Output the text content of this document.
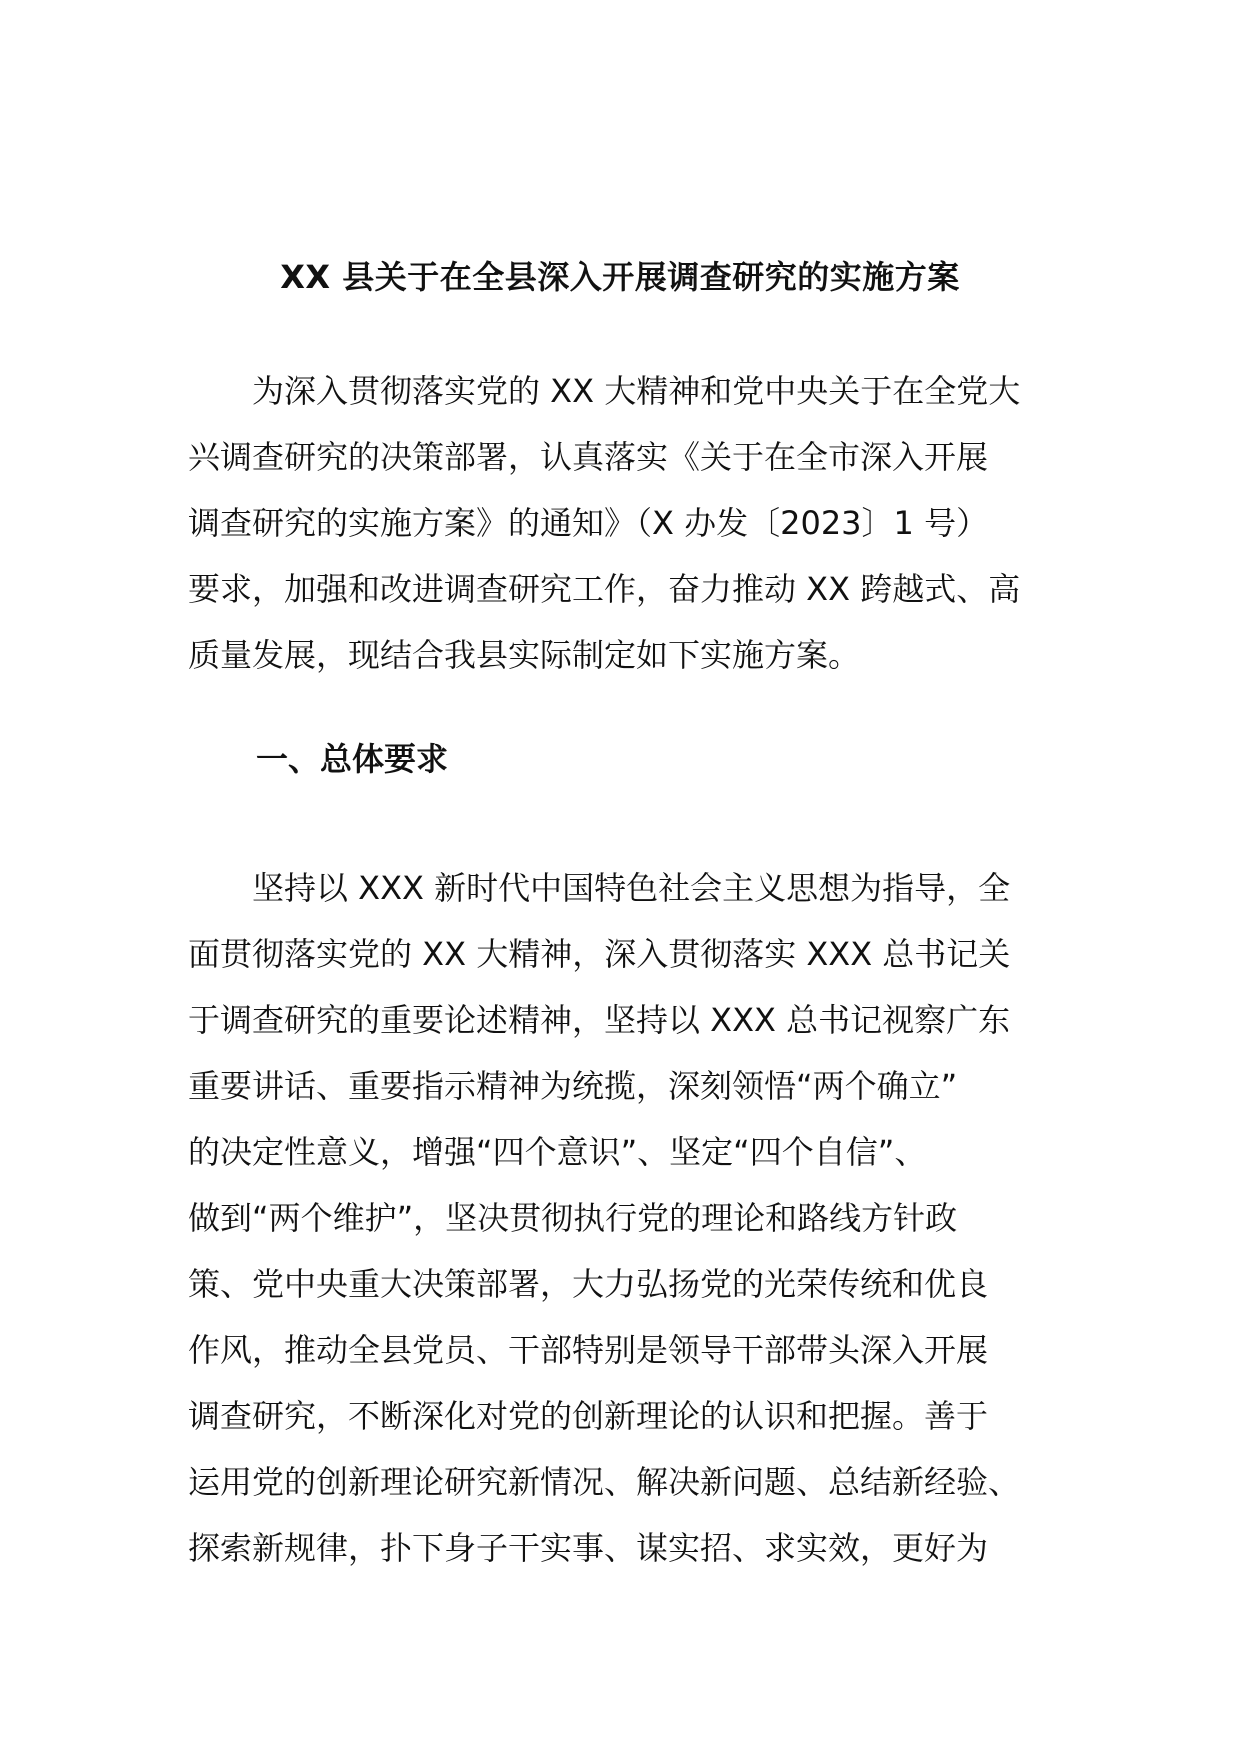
XX 县关于在全县深入开展调查研究的实施方案
　　为深入贯彻落实党的 XX 大精神和党中央关于在全党大
兴调查研究的决策部署，认真落实《关于在全市深入开展
调查研究的实施方案》的通知》（X 办发〔2023〕1 号）
要求，加强和改进调查研究工作，奋力推动 XX 跨越式、高
质量发展，现结合我县实际制定如下实施方案。
一、总体要求
　　坚持以 XXX 新时代中国特色社会主义思想为指导，全
面贯彻落实党的 XX 大精神，深入贯彻落实 XXX 总书记关
于调查研究的重要论述精神，坚持以 XXX 总书记视察广东
重要讲话、重要指示精神为统揽，深刻领悟“两个确立”
的决定性意义，增强“四个意识”、坚定“四个自信”、
做到“两个维护”，坚决贯彻执行党的理论和路线方针政
策、党中央重大决策部署，大力弘扬党的光荣传统和优良
作风，推动全县党员、干部特别是领导干部带头深入开展
调查研究，不断深化对党的创新理论的认识和把握。善于
运用党的创新理论研究新情况、解决新问题、总结新经验、
探索新规律，扑下身子干实事、谋实招、求实效，更好为
